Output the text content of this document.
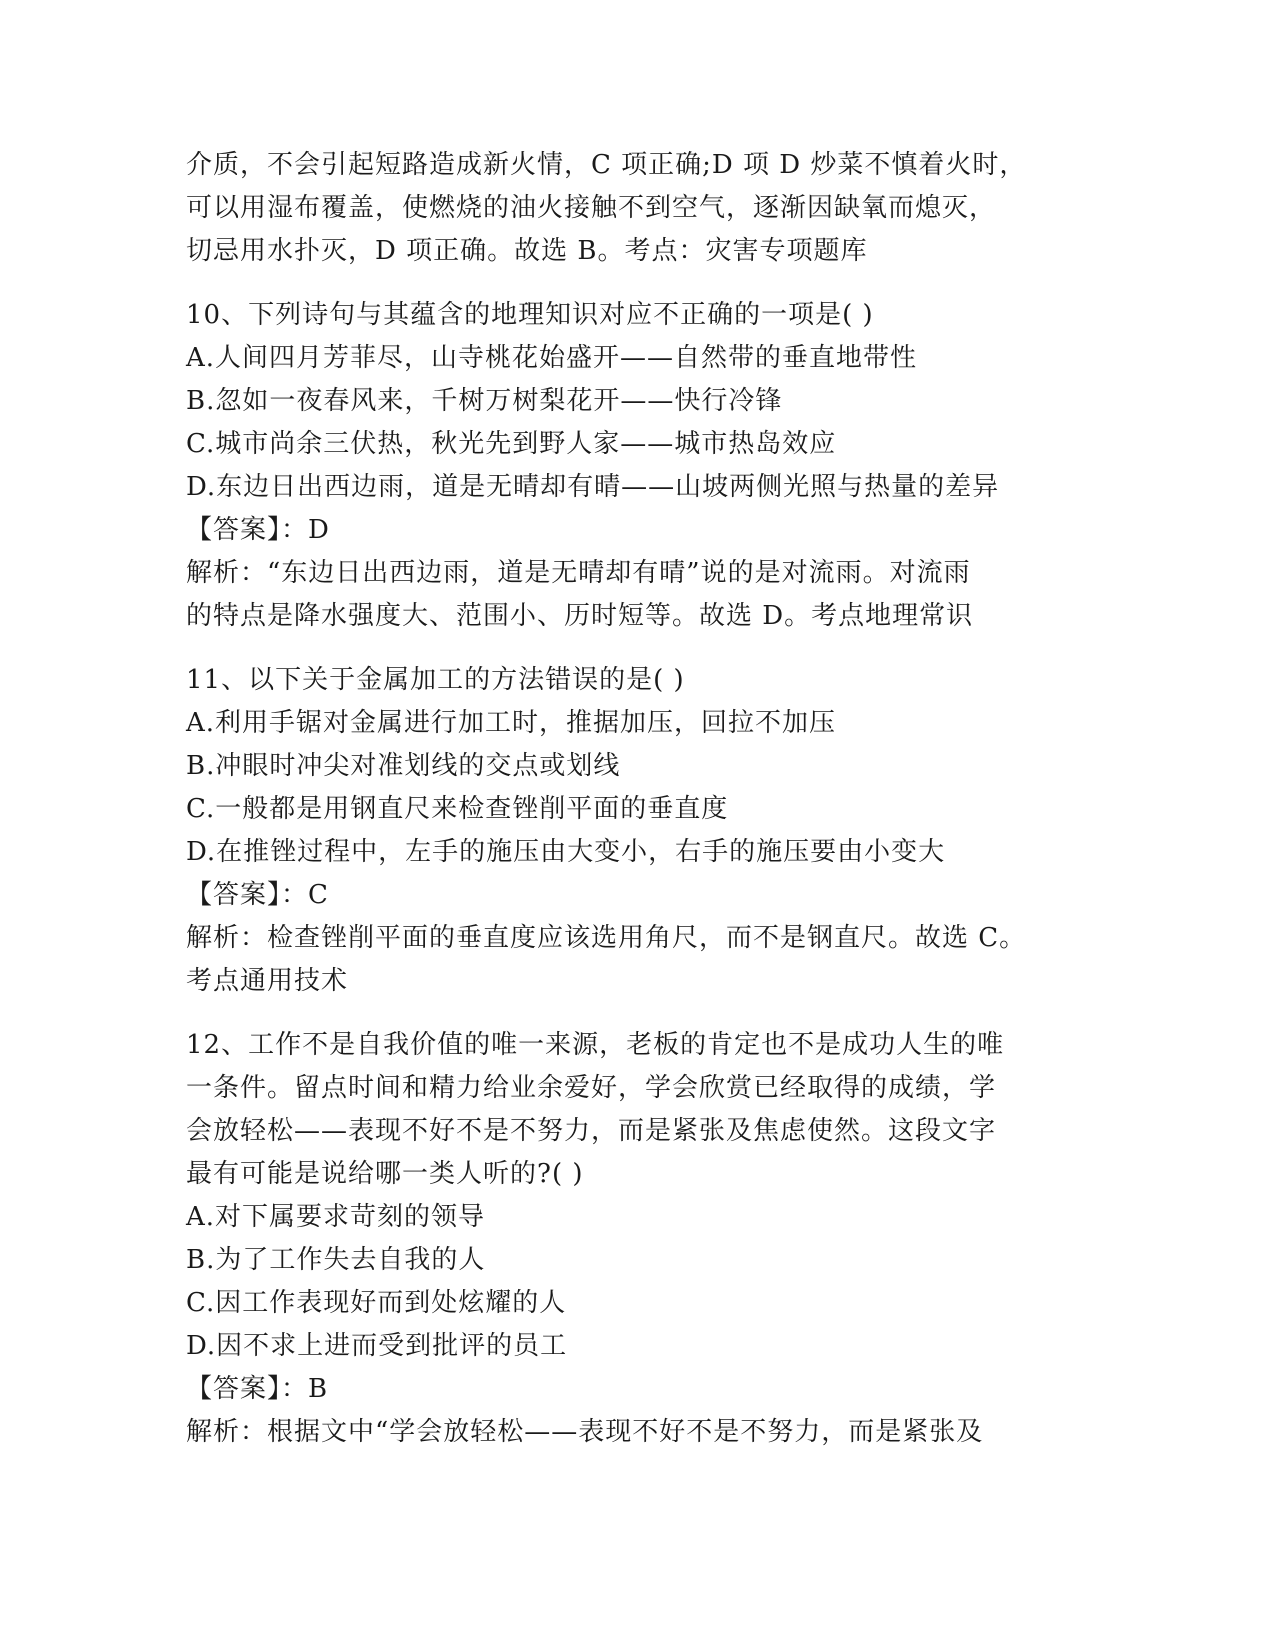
介质，不会引起短路造成新火情，C 项正确;D 项 D 炒菜不慎着火时，
可以用湿布覆盖，使燃烧的油火接触不到空气，逐渐因缺氧而熄灭，
切忌用水扑灭，D 项正确。故选 B。考点：灾害专项题库
10、下列诗句与其蕴含的地理知识对应不正确的一项是( )
A.人间四月芳菲尽，山寺桃花始盛开——自然带的垂直地带性
B.忽如一夜春风来，千树万树梨花开——快行冷锋
C.城市尚余三伏热，秋光先到野人家——城市热岛效应
D.东边日出西边雨，道是无晴却有晴——山坡两侧光照与热量的差异
【答案】：D
解析：“东边日出西边雨，道是无晴却有晴”说的是对流雨。对流雨
的特点是降水强度大、范围小、历时短等。故选 D。考点地理常识
11、以下关于金属加工的方法错误的是( )
A.利用手锯对金属进行加工时，推据加压，回拉不加压
B.冲眼时冲尖对准划线的交点或划线
C.一般都是用钢直尺来检查锉削平面的垂直度
D.在推锉过程中，左手的施压由大变小，右手的施压要由小变大
【答案】：C
解析：检查锉削平面的垂直度应该选用角尺，而不是钢直尺。故选 C。
考点通用技术
12、工作不是自我价值的唯一来源，老板的肯定也不是成功人生的唯
一条件。留点时间和精力给业余爱好，学会欣赏已经取得的成绩，学
会放轻松——表现不好不是不努力，而是紧张及焦虑使然。这段文字
最有可能是说给哪一类人听的?( )
A.对下属要求苛刻的领导
B.为了工作失去自我的人
C.因工作表现好而到处炫耀的人
D.因不求上进而受到批评的员工
【答案】：B
解析：根据文中“学会放轻松——表现不好不是不努力，而是紧张及
